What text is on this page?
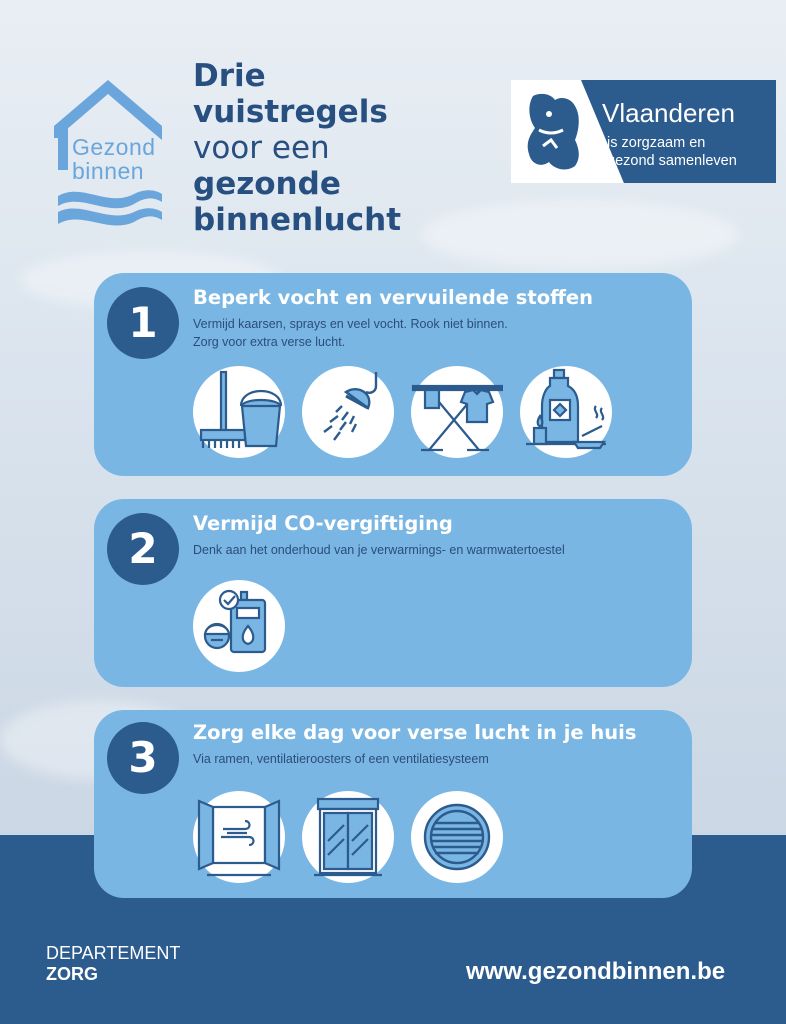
Gezond
binnen
Drie
vuistregels
voor een
gezonde
binnenlucht
Vlaanderen
is zorgzaam en
gezond samenleven
1
Beperk vocht en vervuilende stoffen
Vermijd kaarsen, sprays en veel vocht. Rook niet binnen.
Zorg voor extra verse lucht.
2
Vermijd CO-vergiftiging
Denk aan het onderhoud van je verwarmings- en warmwatertoestel
3
Zorg elke dag voor verse lucht in je huis
Via ramen, ventilatieroosters of een ventilatiesysteem
DEPARTEMENT
ZORG	www.gezondbinnen.be
